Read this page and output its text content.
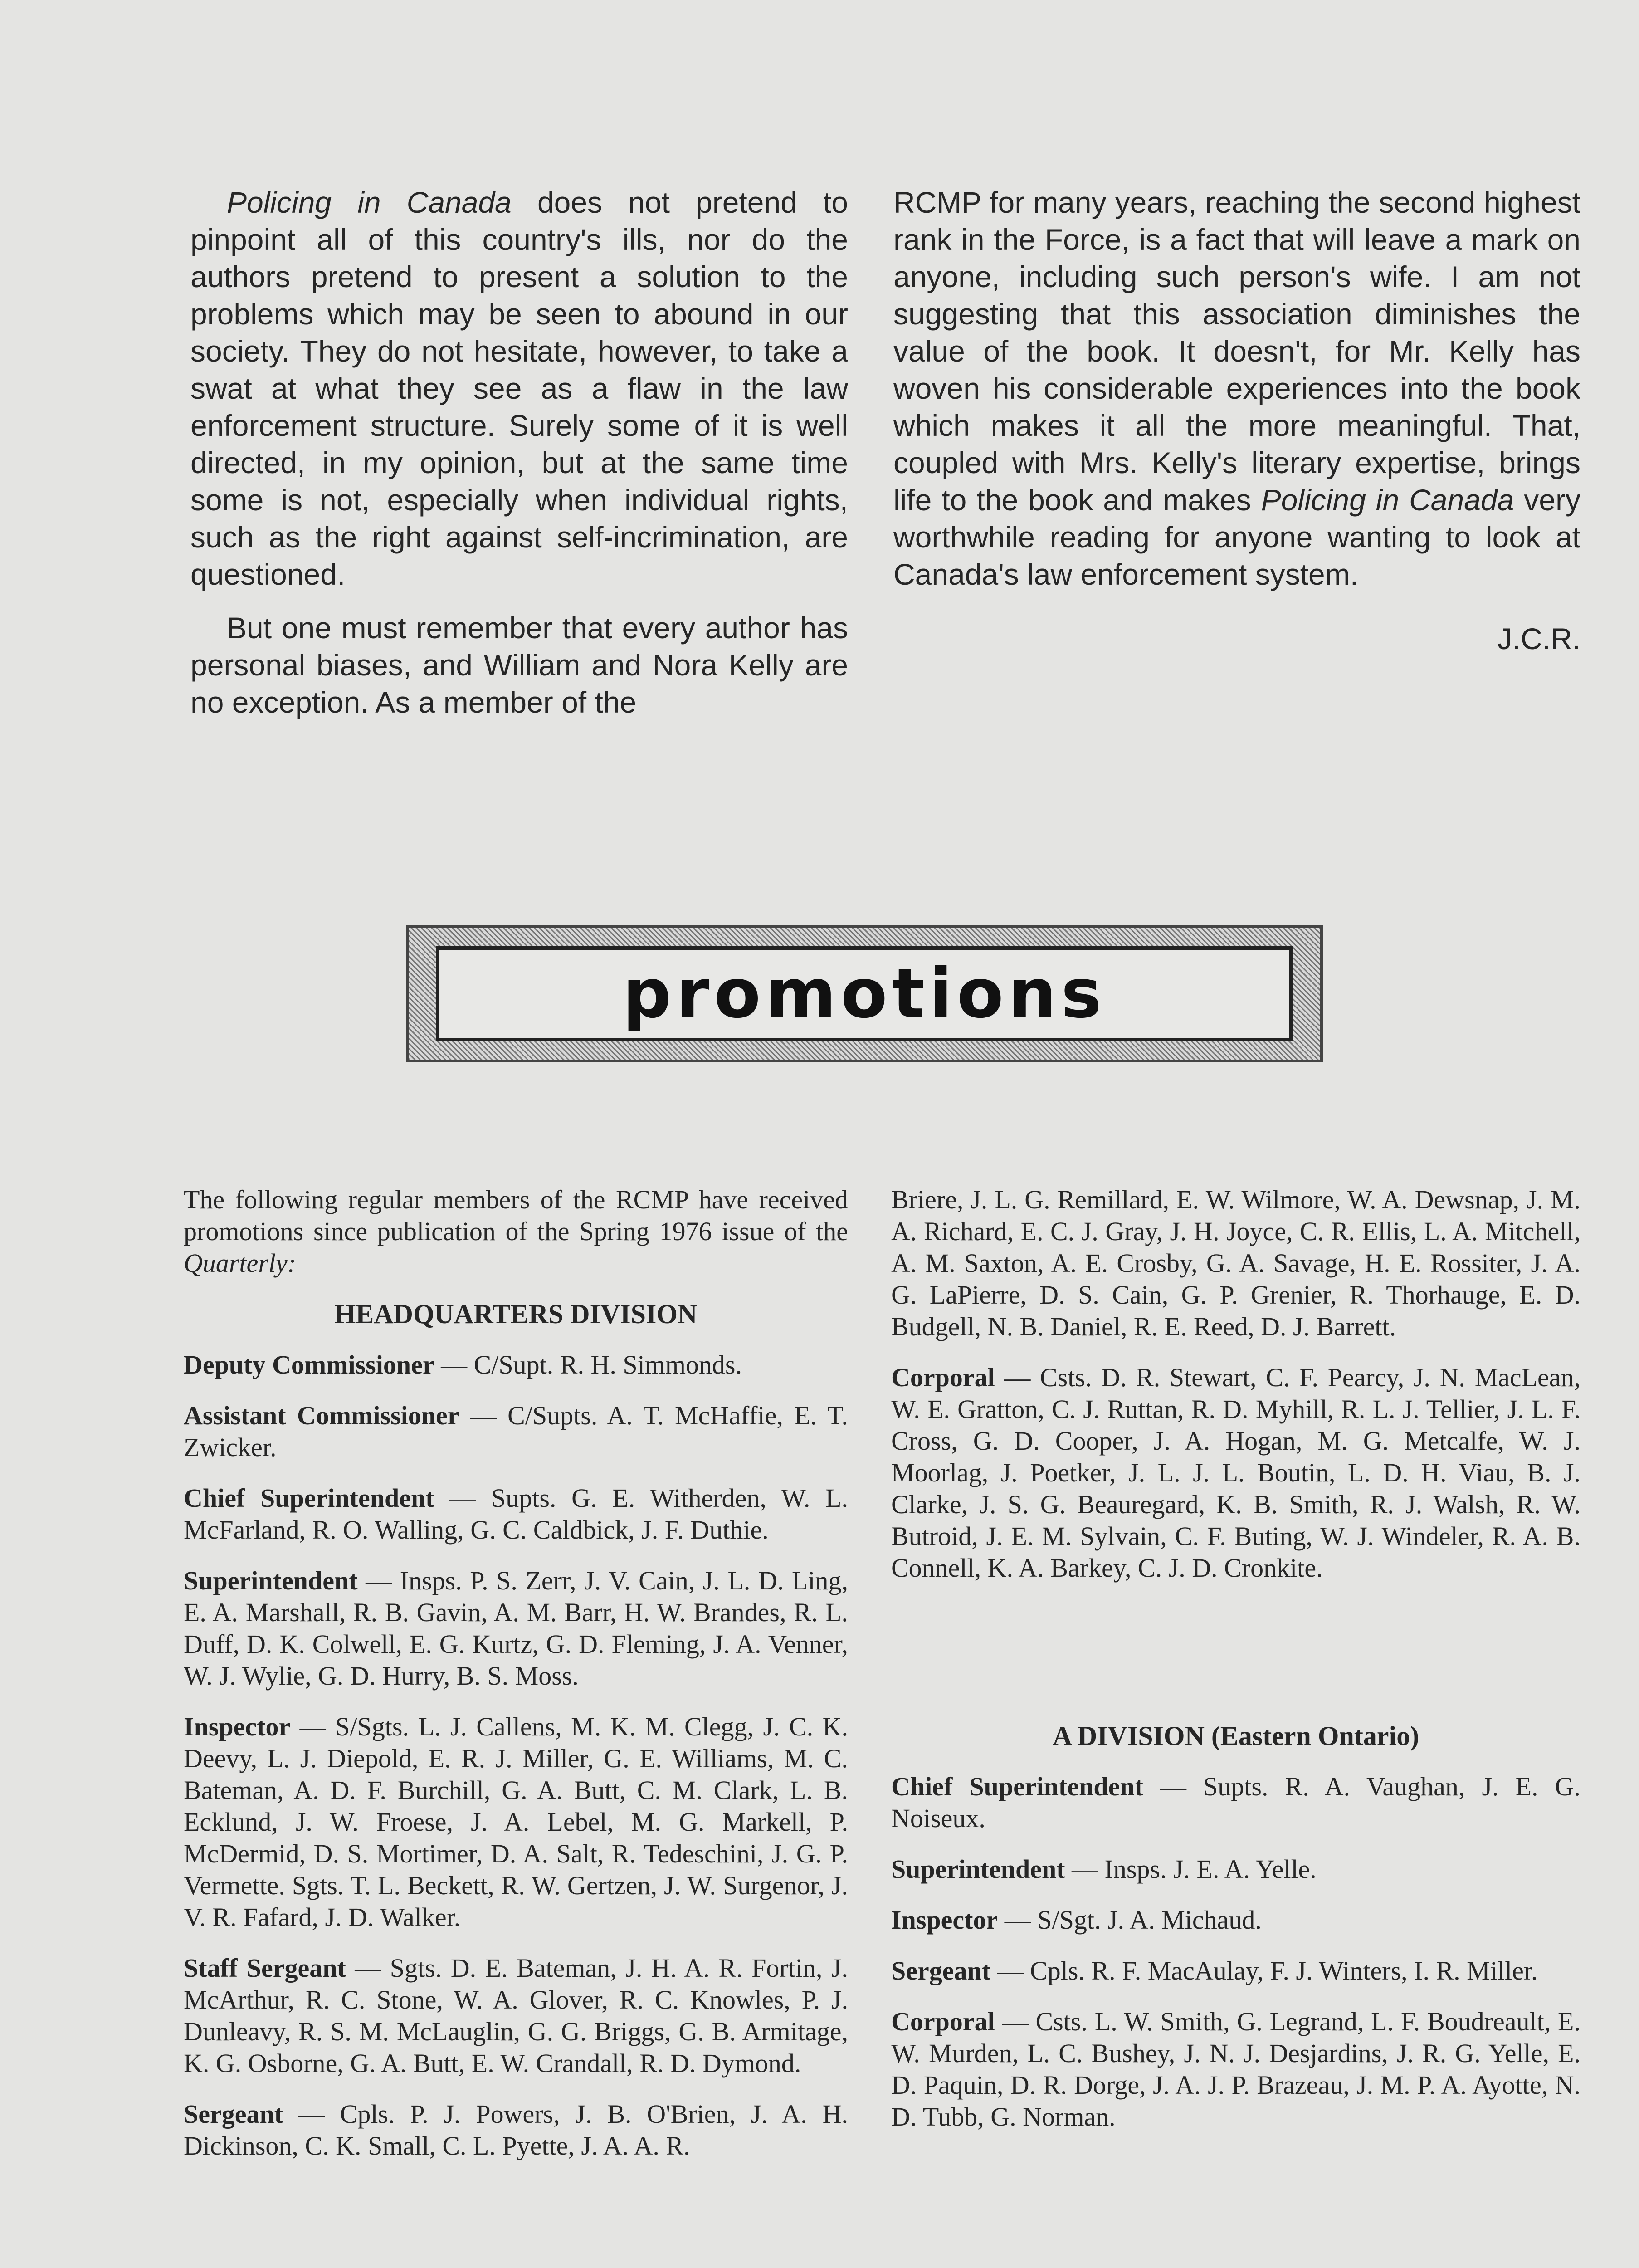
Policing in Canada does not pretend to pinpoint all of this country's ills, nor do the authors pretend to present a solution to the problems which may be seen to abound in our society. They do not hesitate, however, to take a swat at what they see as a flaw in the law enforcement structure. Surely some of it is well directed, in my opinion, but at the same time some is not, especially when individual rights, such as the right against self-incrimination, are questioned.

But one must remember that every author has personal biases, and William and Nora Kelly are no exception. As a member of the

RCMP for many years, reaching the second highest rank in the Force, is a fact that will leave a mark on anyone, including such person's wife. I am not suggesting that this association diminishes the value of the book. It doesn't, for Mr. Kelly has woven his considerable experiences into the book which makes it all the more meaningful. That, coupled with Mrs. Kelly's literary expertise, brings life to the book and makes Policing in Canada very worthwhile reading for anyone wanting to look at Canada's law enforcement system.

J.C.R.
promotions

The following regular members of the RCMP have received promotions since publication of the Spring 1976 issue of the Quarterly:

HEADQUARTERS DIVISION

Deputy Commissioner — C/Supt. R. H. Simmonds.

Assistant Commissioner — C/Supts. A. T. McHaffie, E. T. Zwicker.

Chief Superintendent — Supts. G. E. Witherden, W. L. McFarland, R. O. Walling, G. C. Caldbick, J. F. Duthie.

Superintendent — Insps. P. S. Zerr, J. V. Cain, J. L. D. Ling, E. A. Marshall, R. B. Gavin, A. M. Barr, H. W. Brandes, R. L. Duff, D. K. Colwell, E. G. Kurtz, G. D. Fleming, J. A. Venner, W. J. Wylie, G. D. Hurry, B. S. Moss.

Inspector — S/Sgts. L. J. Callens, M. K. M. Clegg, J. C. K. Deevy, L. J. Diepold, E. R. J. Miller, G. E. Williams, M. C. Bateman, A. D. F. Burchill, G. A. Butt, C. M. Clark, L. B. Ecklund, J. W. Froese, J. A. Lebel, M. G. Markell, P. McDermid, D. S. Mortimer, D. A. Salt, R. Tedeschini, J. G. P. Vermette. Sgts. T. L. Beckett, R. W. Gertzen, J. W. Surgenor, J. V. R. Fafard, J. D. Walker.

Staff Sergeant — Sgts. D. E. Bateman, J. H. A. R. Fortin, J. McArthur, R. C. Stone, W. A. Glover, R. C. Knowles, P. J. Dunleavy, R. S. M. McLauglin, G. G. Briggs, G. B. Armitage, K. G. Osborne, G. A. Butt, E. W. Crandall, R. D. Dymond.

Sergeant — Cpls. P. J. Powers, J. B. O'Brien, J. A. H. Dickinson, C. K. Small, C. L. Pyette, J. A. A. R.

Briere, J. L. G. Remillard, E. W. Wilmore, W. A. Dewsnap, J. M. A. Richard, E. C. J. Gray, J. H. Joyce, C. R. Ellis, L. A. Mitchell, A. M. Saxton, A. E. Crosby, G. A. Savage, H. E. Rossiter, J. A. G. LaPierre, D. S. Cain, G. P. Grenier, R. Thorhauge, E. D. Budgell, N. B. Daniel, R. E. Reed, D. J. Barrett.

Corporal — Csts. D. R. Stewart, C. F. Pearcy, J. N. MacLean, W. E. Gratton, C. J. Ruttan, R. D. Myhill, R. L. J. Tellier, J. L. F. Cross, G. D. Cooper, J. A. Hogan, M. G. Metcalfe, W. J. Moorlag, J. Poetker, J. L. J. L. Boutin, L. D. H. Viau, B. J. Clarke, J. S. G. Beauregard, K. B. Smith, R. J. Walsh, R. W. Butroid, J. E. M. Sylvain, C. F. Buting, W. J. Windeler, R. A. B. Connell, K. A. Barkey, C. J. D. Cronkite.

A DIVISION (Eastern Ontario)

Chief Superintendent — Supts. R. A. Vaughan, J. E. G. Noiseux.

Superintendent — Insps. J. E. A. Yelle.

Inspector — S/Sgt. J. A. Michaud.

Sergeant — Cpls. R. F. MacAulay, F. J. Winters, I. R. Miller.

Corporal — Csts. L. W. Smith, G. Legrand, L. F. Boudreault, E. W. Murden, L. C. Bushey, J. N. J. Desjardins, J. R. G. Yelle, E. D. Paquin, D. R. Dorge, J. A. J. P. Brazeau, J. M. P. A. Ayotte, N. D. Tubb, G. Norman.
